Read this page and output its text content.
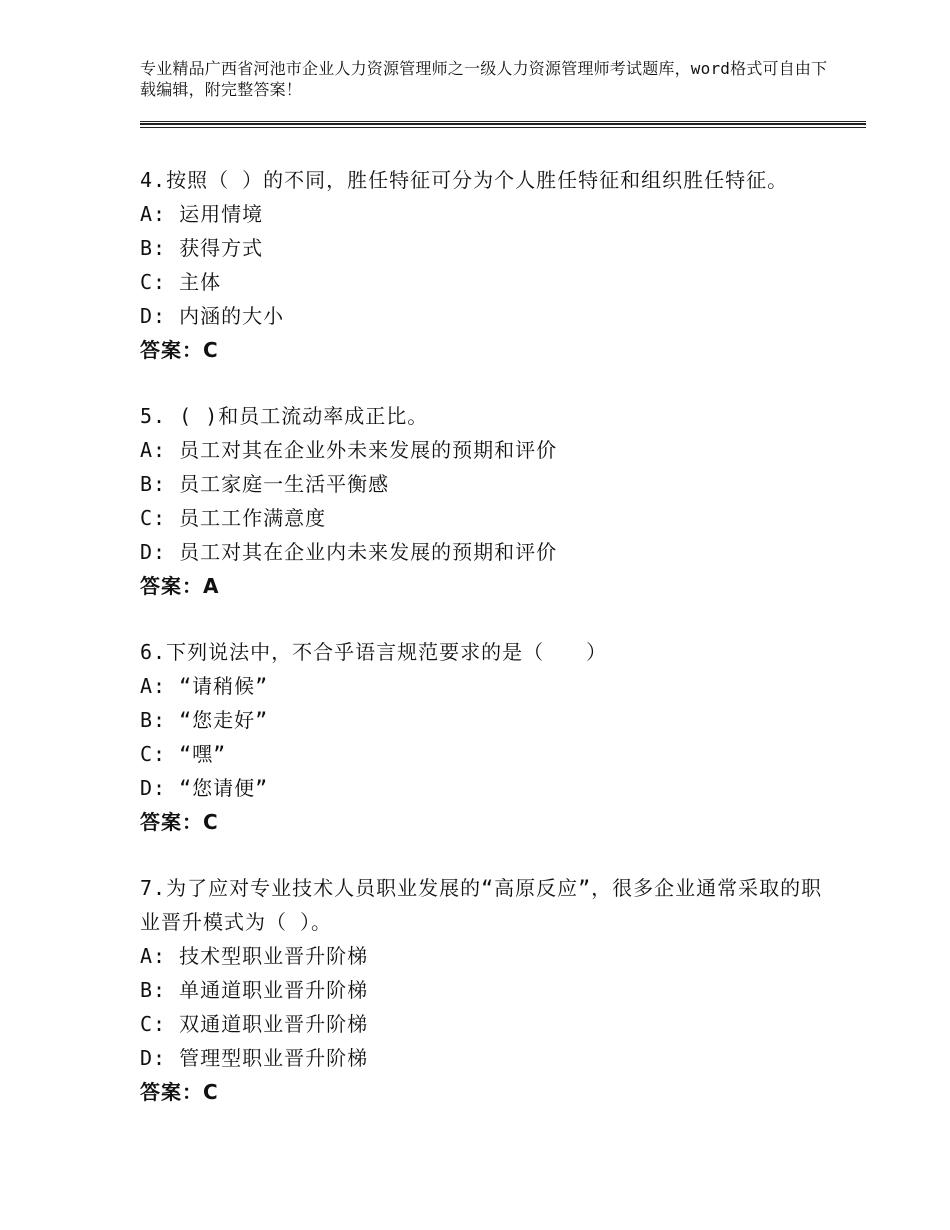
专业精品广西省河池市企业人力资源管理师之一级人力资源管理师考试题库，word格式可自由下载编辑，附完整答案！
4.按照（ ）的不同，胜任特征可分为个人胜任特征和组织胜任特征。
A: 运用情境
B: 获得方式
C: 主体
D: 内涵的大小
答案：C
5. ( )和员工流动率成正比。
A: 员工对其在企业外未来发展的预期和评价
B: 员工家庭一生活平衡感
C: 员工工作满意度
D: 员工对其在企业内未来发展的预期和评价
答案：A
6.下列说法中，不合乎语言规范要求的是（　　）
A: “请稍候”
B: “您走好”
C: “嘿”
D: “您请便”
答案：C
7.为了应对专业技术人员职业发展的“高原反应”，很多企业通常采取的职业晋升模式为（ ）。
A: 技术型职业晋升阶梯
B: 单通道职业晋升阶梯
C: 双通道职业晋升阶梯
D: 管理型职业晋升阶梯
答案：C
